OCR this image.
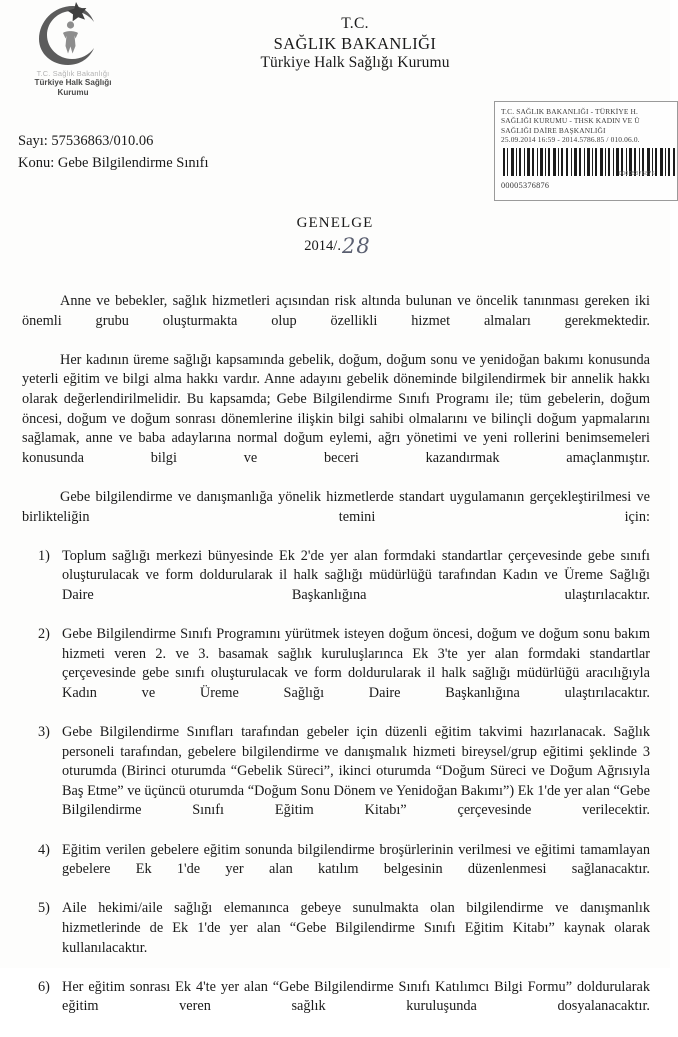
T.C. Sağlık Bakanlığı
Türkiye Halk Sağlığı
Kurumu
T.C.
SAĞLIK BAKANLIĞI
Türkiye Halk Sağlığı Kurumu
T.C. SAĞLIK BAKANLIĞI - TÜRKİYE H.
SAĞLIĞI KURUMU - THSK KADIN VE Ü
SAĞLIĞI DAİRE BAŞKANLIĞI
25.09.2014 16:59 - 2014.5786.85 / 010.06.0.
00005376876
00005376876
Sayı: 57536863/010.06
Konu: Gebe Bilgilendirme Sınıfı
GENELGE
2014/.28

Anne ve bebekler, sağlık hizmetleri açısından risk altında bulunan ve öncelik tanınması gereken iki önemli grubu oluşturmakta olup özellikli hizmet almaları gerekmektedir.

Her kadının üreme sağlığı kapsamında gebelik, doğum, doğum sonu ve yenidoğan bakımı konusunda yeterli eğitim ve bilgi alma hakkı vardır. Anne adayını gebelik döneminde bilgilendirmek bir annelik hakkı olarak değerlendirilmelidir. Bu kapsamda; Gebe Bilgilendirme Sınıfı Programı ile; tüm gebelerin, doğum öncesi, doğum ve doğum sonrası dönemlerine ilişkin bilgi sahibi olmalarını ve bilinçli doğum yapmalarını sağlamak, anne ve baba adaylarına normal doğum eylemi, ağrı yönetimi ve yeni rollerini benimsemeleri konusunda bilgi ve beceri kazandırmak amaçlanmıştır.

Gebe bilgilendirme ve danışmanlığa yönelik hizmetlerde standart uygulamanın gerçekleştirilmesi ve birlikteliğin temini için:

1) Toplum sağlığı merkezi bünyesinde Ek 2'de yer alan formdaki standartlar çerçevesinde gebe sınıfı oluşturulacak ve form doldurularak il halk sağlığı müdürlüğü tarafından Kadın ve Üreme Sağlığı Daire Başkanlığına ulaştırılacaktır.
2) Gebe Bilgilendirme Sınıfı Programını yürütmek isteyen doğum öncesi, doğum ve doğum sonu bakım hizmeti veren 2. ve 3. basamak sağlık kuruluşlarınca Ek 3'te yer alan formdaki standartlar çerçevesinde gebe sınıfı oluşturulacak ve form doldurularak il halk sağlığı müdürlüğü aracılığıyla Kadın ve Üreme Sağlığı Daire Başkanlığına ulaştırılacaktır.
3) Gebe Bilgilendirme Sınıfları tarafından gebeler için düzenli eğitim takvimi hazırlanacak. Sağlık personeli tarafından, gebelere bilgilendirme ve danışmalık hizmeti bireysel/grup eğitimi şeklinde 3 oturumda (Birinci oturumda “Gebelik Süreci”, ikinci oturumda “Doğum Süreci ve Doğum Ağrısıyla Baş Etme” ve üçüncü oturumda “Doğum Sonu Dönem ve Yenidoğan Bakımı”) Ek 1'de yer alan “Gebe Bilgilendirme Sınıfı Eğitim Kitabı” çerçevesinde verilecektir.
4) Eğitim verilen gebelere eğitim sonunda bilgilendirme broşürlerinin verilmesi ve eğitimi tamamlayan gebelere Ek 1'de yer alan katılım belgesinin düzenlenmesi sağlanacaktır.
5) Aile hekimi/aile sağlığı elemanınca gebeye sunulmakta olan bilgilendirme ve danışmanlık hizmetlerinde de Ek 1'de yer alan “Gebe Bilgilendirme Sınıfı Eğitim Kitabı” kaynak olarak kullanılacaktır.
6) Her eğitim sonrası Ek 4'te yer alan “Gebe Bilgilendirme Sınıfı Katılımcı Bilgi Formu” doldurularak eğitim veren sağlık kuruluşunda dosyalanacaktır.
